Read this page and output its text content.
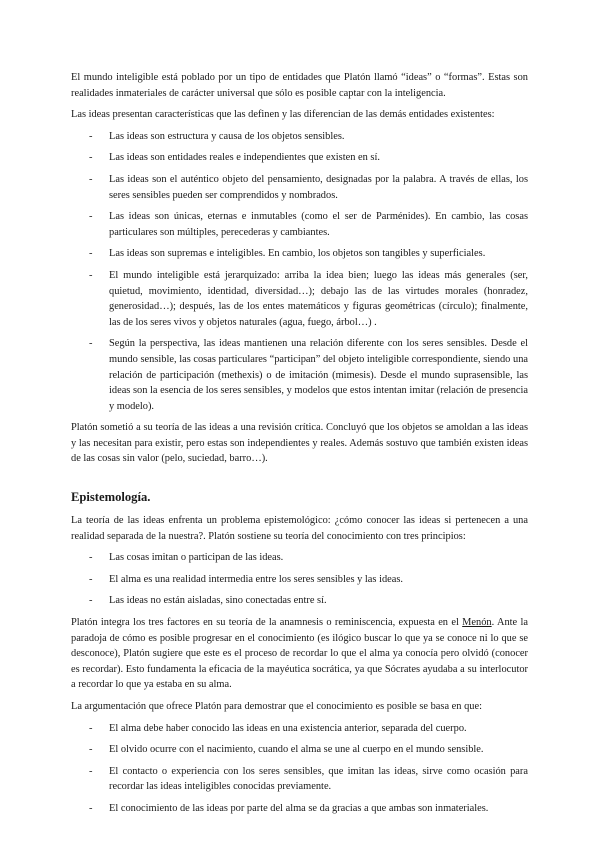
El mundo inteligible está poblado por un tipo de entidades que Platón llamó “ideas” o “formas”. Estas son realidades inmateriales de carácter universal que sólo es posible captar con la inteligencia.

Las ideas presentan características que las definen y las diferencian de las demás entidades existentes:

- Las ideas son estructura y causa de los objetos sensibles.
- Las ideas son entidades reales e independientes que existen en sí.
- Las ideas son el auténtico objeto del pensamiento, designadas por la palabra. A través de ellas, los seres sensibles pueden ser comprendidos y nombrados.
- Las ideas son únicas, eternas e inmutables (como el ser de Parménides). En cambio, las cosas particulares son múltiples, perecederas y cambiantes.
- Las ideas son supremas e inteligibles. En cambio, los objetos son tangibles y superficiales.
- El mundo inteligible está jerarquizado: arriba la idea bien; luego las ideas más generales (ser, quietud, movimiento, identidad, diversidad…); debajo las de las virtudes morales (honradez, generosidad…); después, las de los entes matemáticos y figuras geométricas (círculo); finalmente, las de los seres vivos y objetos naturales (agua, fuego, árbol…) .
- Según la perspectiva, las ideas mantienen una relación diferente con los seres sensibles. Desde el mundo sensible, las cosas particulares “participan” del objeto inteligible correspondiente, siendo una relación de participación (methexis) o de imitación (mimesis). Desde el mundo suprasensible, las ideas son la esencia de los seres sensibles, y modelos que estos intentan imitar (relación de presencia y modelo).

Platón sometió a su teoría de las ideas a una revisión crítica. Concluyó que los objetos se amoldan a las ideas y las necesitan para existir, pero estas son independientes y reales. Además sostuvo que también existen ideas de las cosas sin valor (pelo, suciedad, barro…).

Epistemología.

La teoría de las ideas enfrenta un problema epistemológico: ¿cómo conocer las ideas si pertenecen a una realidad separada de la nuestra?. Platón sostiene su teoría del conocimiento con tres principios:

- Las cosas imitan o participan de las ideas.
- El alma es una realidad intermedia entre los seres sensibles y las ideas.
- Las ideas no están aisladas, sino conectadas entre sí.

Platón integra los tres factores en su teoría de la anamnesis o reminiscencia, expuesta en el Menón. Ante la paradoja de cómo es posible progresar en el conocimiento (es ilógico buscar lo que ya se conoce ni lo que se desconoce), Platón sugiere que este es el proceso de recordar lo que el alma ya conocía pero olvidó (conocer es recordar). Esto fundamenta la eficacia de la mayéutica socrática, ya que Sócrates ayudaba a su interlocutor a recordar lo que ya estaba en su alma.

La argumentación que ofrece Platón para demostrar que el conocimiento es posible se basa en que:

- El alma debe haber conocido las ideas en una existencia anterior, separada del cuerpo.
- El olvido ocurre con el nacimiento, cuando el alma se une al cuerpo en el mundo sensible.
- El contacto o experiencia con los seres sensibles, que imitan las ideas, sirve como ocasión para recordar las ideas inteligibles conocidas previamente.
- El conocimiento de las ideas por parte del alma se da gracias a que ambas son inmateriales.
